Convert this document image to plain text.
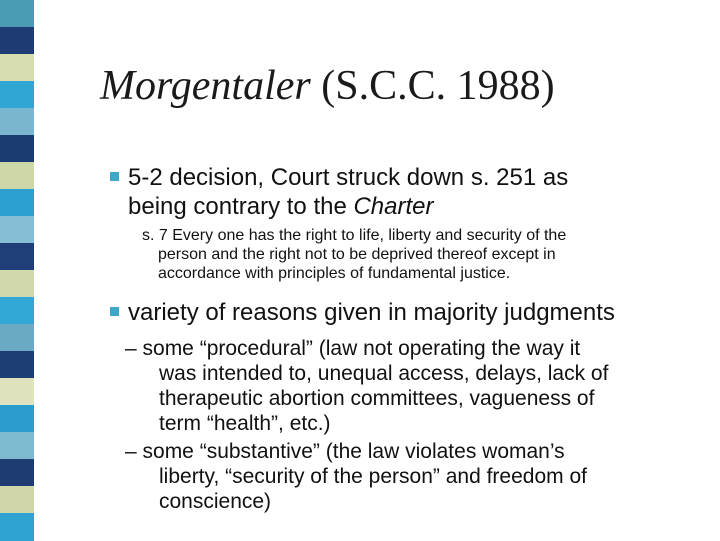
Morgentaler (S.C.C. 1988)
5-2 decision, Court struck down s. 251 as
being contrary to the Charter
s. 7 Every one has the right to life, liberty and security of the
person and the right not to be deprived thereof except in
accordance with principles of fundamental justice.
variety of reasons given in majority judgments
– some “procedural” (law not operating the way it
was intended to, unequal access, delays, lack of
therapeutic abortion committees, vagueness of
term “health”, etc.)
– some “substantive” (the law violates woman’s
liberty, “security of the person” and freedom of
conscience)
